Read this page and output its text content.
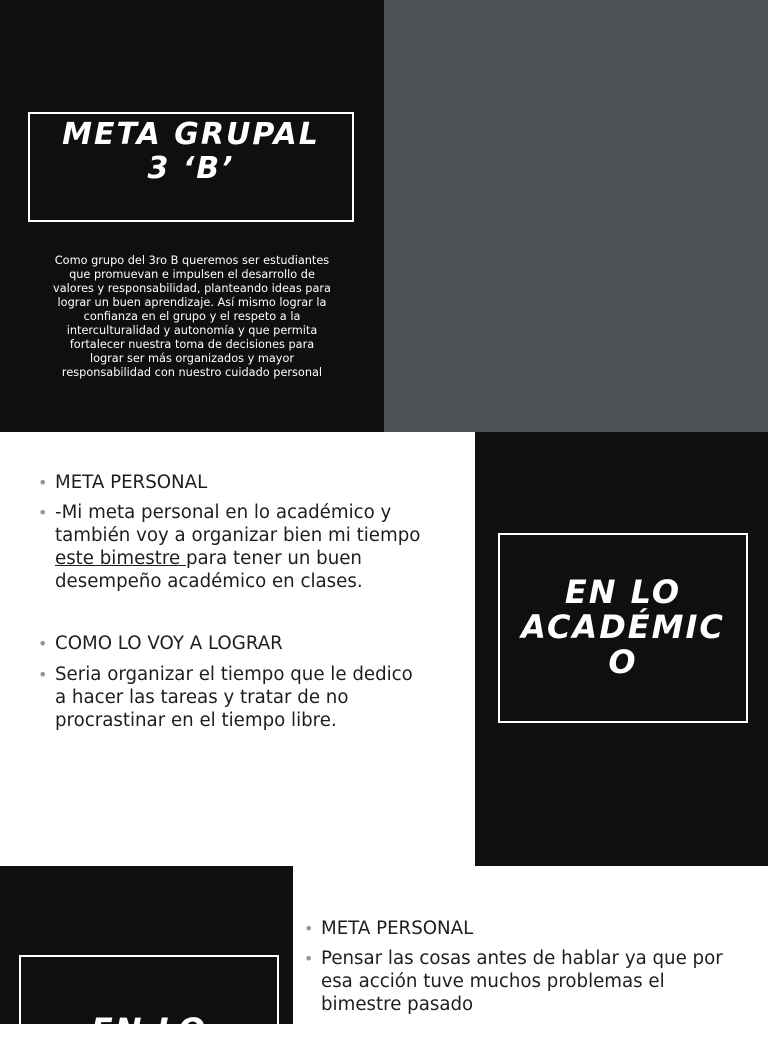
META GRUPAL
3 ‘B’
Como grupo del 3ro B queremos ser estudiantes que promuevan e impulsen el desarrollo de valores y responsabilidad, planteando ideas para lograr un buen aprendizaje. Así mismo lograr la confianza en el grupo y el respeto a la interculturalidad y autonomía y que permita fortalecer nuestra toma de decisiones para lograr ser más organizados y mayor responsabilidad con nuestro cuidado personal
EN LO
ACADÉMIC
O
• META PERSONAL
• -Mi meta personal en lo académico y también voy a organizar bien mi tiempo este bimestre para tener un buen desempeño académico en clases.
• COMO LO VOY A LOGRAR
• Seria organizar el tiempo que le dedico a hacer las tareas y tratar de no procrastinar en el tiempo libre.
EN LO
• META PERSONAL
• Pensar las cosas antes de hablar ya que por esa acción tuve muchos problemas el bimestre pasado
